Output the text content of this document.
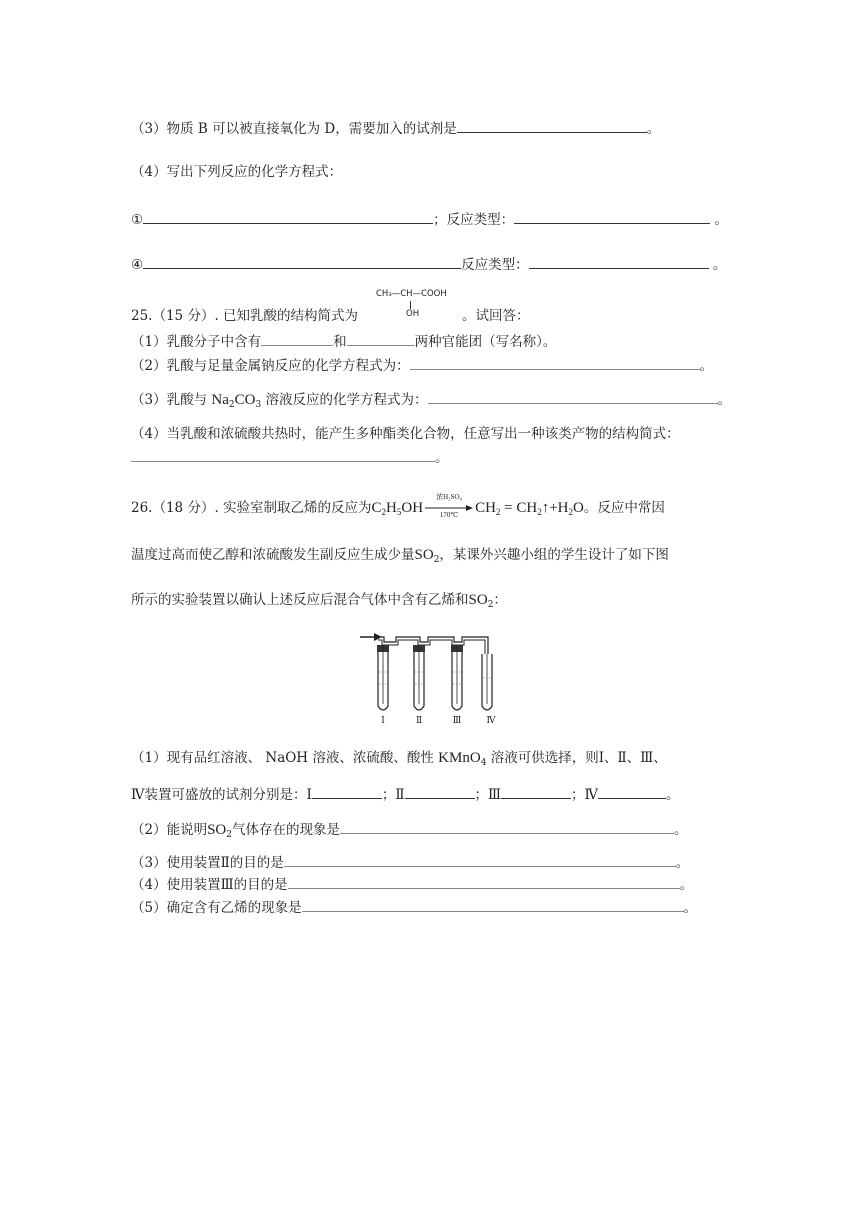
（3）物质 B 可以被直接氧化为 D，需要加入的试剂是	。
（4）写出下列反应的化学方程式：
①	；反应类型：	。
④	反应类型：	。
CH₃—CH—COOH
OH
25.（15 分）. 已知乳酸的结构简式为	。试回答：
（1）乳酸分子中含有	和	两种官能团（写名称）。
（2）乳酸与足量金属钠反应的化学方程式为：	。
（3）乳酸与 $Na_2CO_3$ 溶液反应的化学方程式为：	。
（4）当乳酸和浓硫酸共热时，能产生多种酯类化合物，任意写出一种该类产物的结构简式：
。
26.（18 分）. 实验室制取乙烯的反应为$C_2H_5OH$
浓H₂SO₄
170℃	$CH_2$ = $CH_2↑+H_2O$。反应中常因
温度过高而使乙醇和浓硫酸发生副反应生成少量$SO_2$，某课外兴趣小组的学生设计了如下图
所示的实验装置以确认上述反应后混合气体中含有乙烯和$SO_2$：
Ⅰ	Ⅱ	Ⅲ	Ⅳ
（1）现有品红溶液、 NaOH 溶液、浓硫酸、酸性 KMnO$_4$ 溶液可供选择，则Ⅰ、Ⅱ、Ⅲ、
Ⅳ装置可盛放的试剂分别是：Ⅰ	；Ⅱ	；Ⅲ	；Ⅳ	。
（2）能说明$SO_2$气体存在的现象是	。
（3）使用装置Ⅱ的目的是	。
（4）使用装置Ⅲ的目的是	。
（5）确定含有乙烯的现象是	。
